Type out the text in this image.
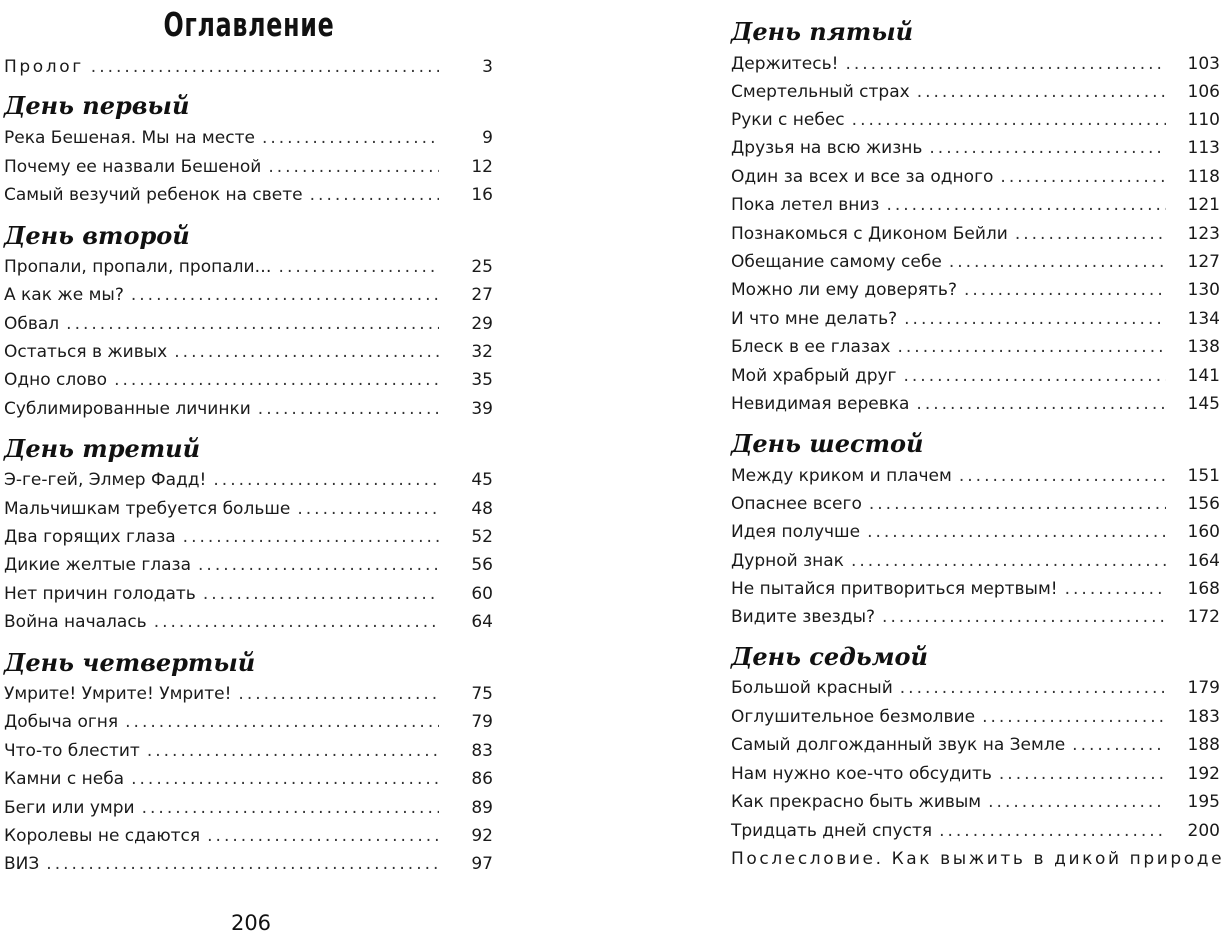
Оглавление
Пролог . . .	3
День первый
Река Бешеная. Мы на месте . . .	9
Почему ее назвали Бешеной . . .	12
Самый везучий ребенок на свете . . .	16
День второй
Пропали, пропали, пропали… . . .	25
А как же мы? . . .	27
Обвал . . .	29
Остаться в живых . . .	32
Одно слово . . .	35
Сублимированные личинки . . .	39
День третий
Э-ге-гей, Элмер Фадд! . . .	45
Мальчишкам требуется больше . . .	48
Два горящих глаза . . .	52
Дикие желтые глаза . . .	56
Нет причин голодать . . .	60
Война началась . . .	64
День четвертый
Умрите! Умрите! Умрите! . . .	75
Добыча огня . . .	79
Что-то блестит . . .	83
Камни с неба . . .	86
Беги или умри . . .	89
Королевы не сдаются . . .	92
ВИЗ . . .	97
День пятый
Держитесь! . . .	103
Смертельный страх . . .	106
Руки с небес . . .	110
Друзья на всю жизнь . . .	113
Один за всех и все за одного . . .	118
Пока летел вниз . . .	121
Познакомься с Диконом Бейли . . .	123
Обещание самому себе . . .	127
Можно ли ему доверять? . . .	130
И что мне делать? . . .	134
Блеск в ее глазах . . .	138
Мой храбрый друг . . .	141
Невидимая веревка . . .	145
День шестой
Между криком и плачем . . .	151
Опаснее всего . . .	156
Идея получше . . .	160
Дурной знак . . .	164
Не пытайся притвориться мертвым! . . .	168
Видите звезды? . . .	172
День седьмой
Большой красный . . .	179
Оглушительное безмолвие . . .	183
Самый долгожданный звук на Земле . . .	188
Нам нужно кое-что обсудить . . .	192
Как прекрасно быть живым . . .	195
Тридцать дней спустя . . .	200
Послесловие. Как выжить в дикой природе
206
